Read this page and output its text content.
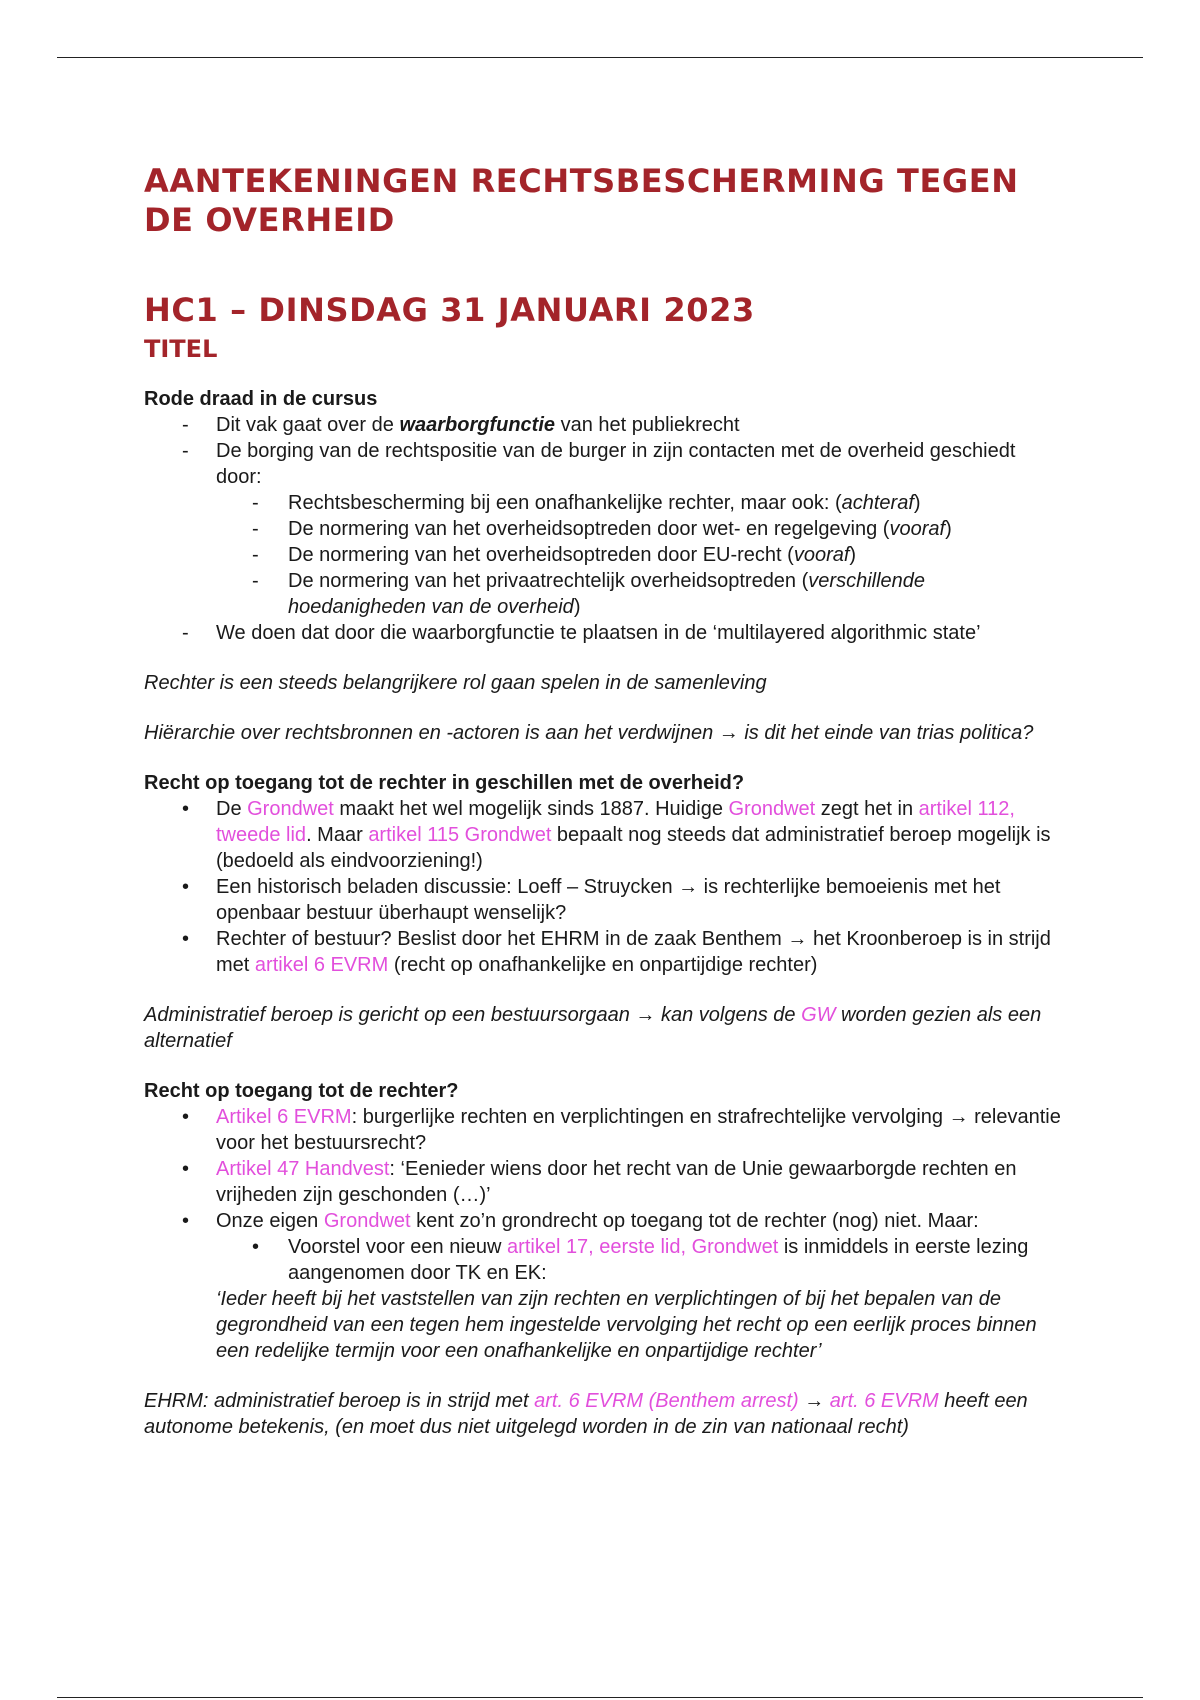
AANTEKENINGEN RECHTSBESCHERMING TEGEN DE OVERHEID
HC1 – DINSDAG 31 JANUARI 2023
TITEL
Rode draad in de cursus
- Dit vak gaat over de waarborgfunctie van het publiekrecht
- De borging van de rechtspositie van de burger in zijn contacten met de overheid geschiedt door:
- Rechtsbescherming bij een onafhankelijke rechter, maar ook: (achteraf)
- De normering van het overheidsoptreden door wet- en regelgeving (vooraf)
- De normering van het overheidsoptreden door EU-recht (vooraf)
- De normering van het privaatrechtelijk overheidsoptreden (verschillende hoedanigheden van de overheid)
- We doen dat door die waarborgfunctie te plaatsen in de ‘multilayered algorithmic state’
Rechter is een steeds belangrijkere rol gaan spelen in de samenleving
Hiërarchie over rechtsbronnen en -actoren is aan het verdwijnen → is dit het einde van trias politica?
Recht op toegang tot de rechter in geschillen met de overheid?
• De Grondwet maakt het wel mogelijk sinds 1887. Huidige Grondwet zegt het in artikel 112, tweede lid. Maar artikel 115 Grondwet bepaalt nog steeds dat administratief beroep mogelijk is (bedoeld als eindvoorziening!)
• Een historisch beladen discussie: Loeff – Struycken → is rechterlijke bemoeienis met het openbaar bestuur überhaupt wenselijk?
• Rechter of bestuur? Beslist door het EHRM in de zaak Benthem → het Kroonberoep is in strijd met artikel 6 EVRM (recht op onafhankelijke en onpartijdige rechter)
Administratief beroep is gericht op een bestuursorgaan → kan volgens de GW worden gezien als een alternatief
Recht op toegang tot de rechter?
• Artikel 6 EVRM: burgerlijke rechten en verplichtingen en strafrechtelijke vervolging → relevantie voor het bestuursrecht?
• Artikel 47 Handvest: ‘Eenieder wiens door het recht van de Unie gewaarborgde rechten en vrijheden zijn geschonden (…)’
• Onze eigen Grondwet kent zo’n grondrecht op toegang tot de rechter (nog) niet. Maar:
• Voorstel voor een nieuw artikel 17, eerste lid, Grondwet is inmiddels in eerste lezing aangenomen door TK en EK:
‘Ieder heeft bij het vaststellen van zijn rechten en verplichtingen of bij het bepalen van de gegrondheid van een tegen hem ingestelde vervolging het recht op een eerlijk proces binnen een redelijke termijn voor een onafhankelijke en onpartijdige rechter’
EHRM: administratief beroep is in strijd met art. 6 EVRM (Benthem arrest) → art. 6 EVRM heeft een autonome betekenis, (en moet dus niet uitgelegd worden in de zin van nationaal recht)
